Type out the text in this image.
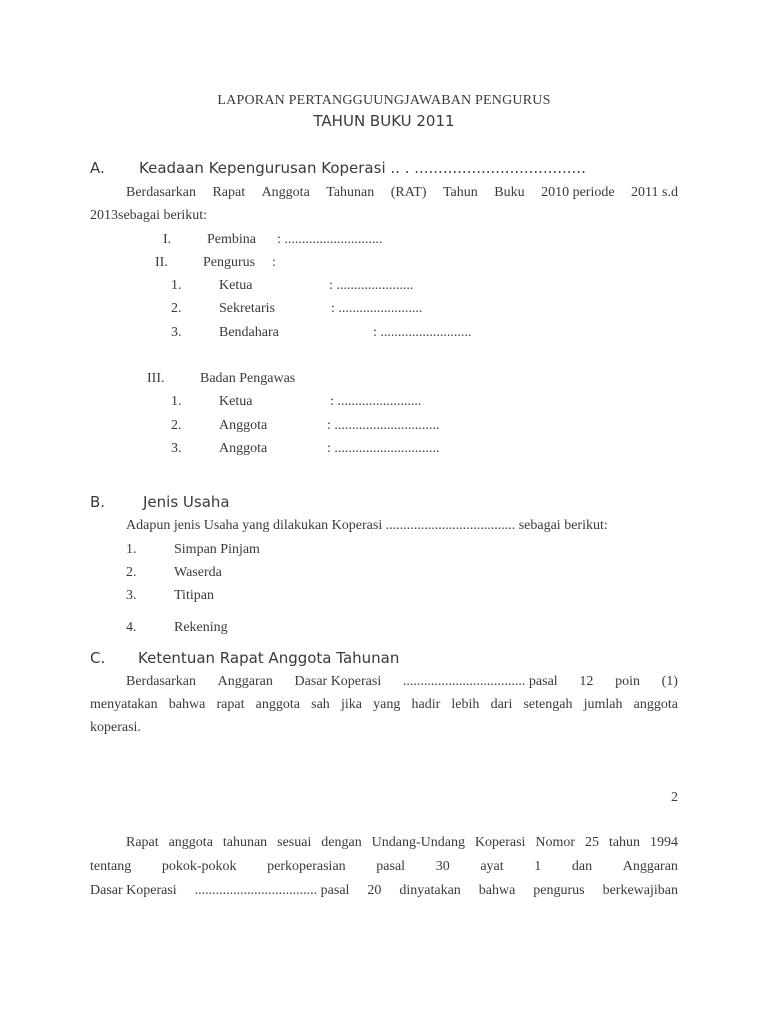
LAPORAN PERTANGGUUNGJAWABAN PENGURUS
TAHUN BUKU 2011
A. Keadaan Kepengurusan Koperasi .. . ....................................
Berdasarkan Rapat Anggota Tahunan (RAT) Tahun Buku 2010 periode 2011 s.d
2013sebagai berikut:
I.	Pembina : ............................
II.	Pengurus :
1.	Ketua	: ......................
2.	Sekretaris	: ........................
3.	Bendahara	: ..........................
III.	Badan Pengawas
1.	Ketua	: ........................
2.	Anggota	: ..............................
3.	Anggota	: ..............................
B.	Jenis Usaha
Adapun jenis Usaha yang dilakukan Koperasi ..................................... sebagai berikut:
1.	Simpan Pinjam
2.	Waserda
3.	Titipan
4.	Rekening
C. Ketentuan Rapat Anggota Tahunan
Berdasarkan Anggaran Dasar Koperasi ................................... pasal 12 poin (1)
menyatakan bahwa rapat anggota sah jika yang hadir lebih dari setengah jumlah anggota
koperasi.
2
Rapat anggota tahunan sesuai dengan Undang-Undang Koperasi Nomor 25 tahun 1994
tentang pokok-pokok perkoperasian pasal 30 ayat 1 dan Anggaran
Dasar Koperasi ................................... pasal 20 dinyatakan bahwa pengurus berkewajiban
